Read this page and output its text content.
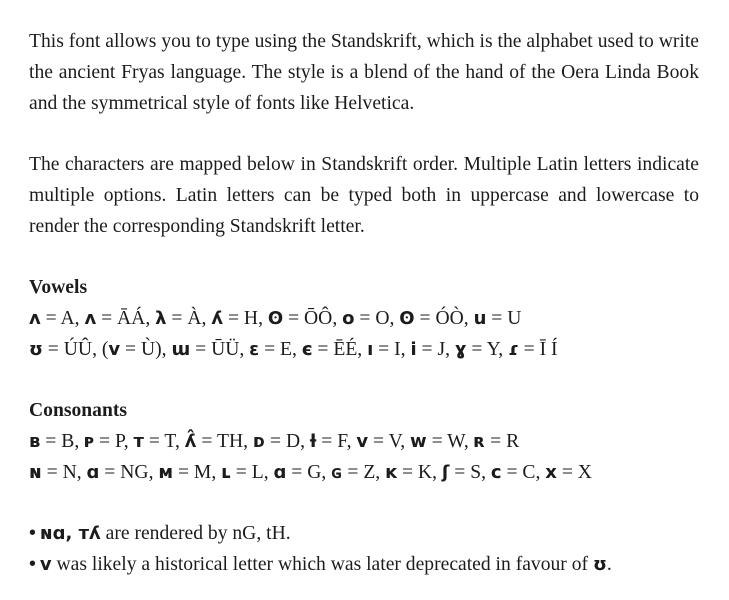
This font allows you to type using the Standskrift, which is the alphabet used to write the ancient Fryas language. The style is a blend of the hand of the Oera Linda Book and the symmetrical style of fonts like Helvetica.

The characters are mapped below in Standskrift order. Multiple Latin letters indicate multiple options. Latin letters can be typed both in uppercase and lowercase to render the corresponding Standskrift letter.

Vowels
ʌ = A, ʌ = ĀÁ, λ = À, ʎ = H, ʘ = ŌÔ, o = O, ʘ = ÓÒ, u = U
ʊ = ÚÛ, (v = Ù), ɯ = ŪÜ, ɛ = E, є = ĒÉ, ı = I, ı̇ = J, ɣ = Y, ɾ = Ī Í
Consonants
ʙ = B, ᴘ = P, ᴛ = T, ʎ̂ = TH, ᴅ = D, ƚ = F, v = V, w = W, ʀ = R
ɴ = N, ɑ = NG, ᴍ = M, ʟ = L, ɑ = G, ɢ = Z, ᴋ = K, ʃ = S, c = C, x = X
• ɴɑ, ᴛʎ are rendered by nG, tH.
• v was likely a historical letter which was later deprecated in favour of ʊ.
